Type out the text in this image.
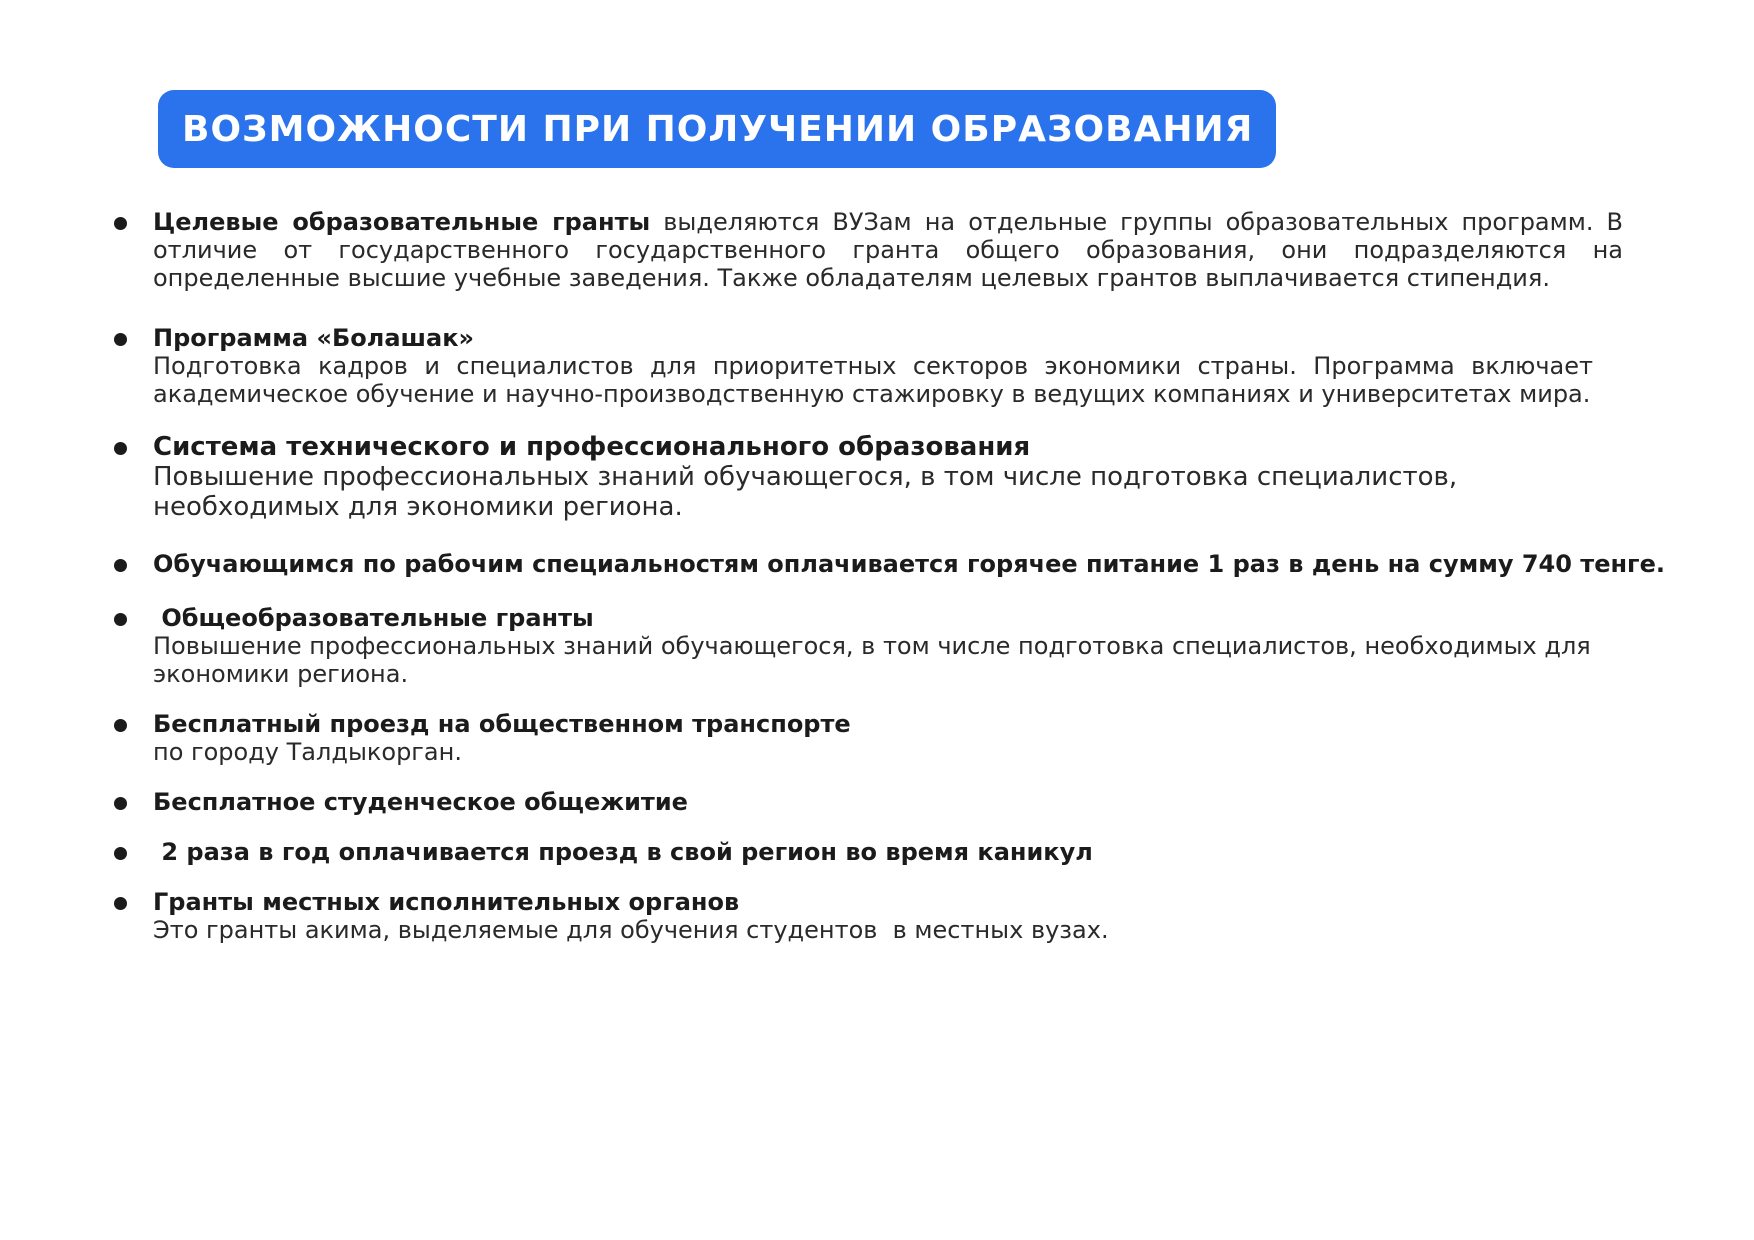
ВОЗМОЖНОСТИ ПРИ ПОЛУЧЕНИИ ОБРАЗОВАНИЯ
Целевые образовательные гранты выделяются ВУЗам на отдельные группы образовательных программ. В отличие от государственного государственного гранта общего образования, они подразделяются на определенные высшие учебные заведения. Также обладателям целевых грантов выплачивается стипендия.
Программа «Болашак»
Подготовка кадров и специалистов для приоритетных секторов экономики страны. Программа включает академическое обучение и научно-производственную стажировку в ведущих компаниях и университетах мира.
Система технического и профессионального образования
Повышение профессиональных знаний обучающегося, в том числе подготовка специалистов, необходимых для экономики региона.
Обучающимся по рабочим специальностям оплачивается горячее питание 1 раз в день на сумму 740 тенге.
Общеобразовательные гранты
Повышение профессиональных знаний обучающегося, в том числе подготовка специалистов, необходимых для экономики региона.
Бесплатный проезд на общественном транспорте
по городу Талдыкорган.
Бесплатное студенческое общежитие
2 раза в год оплачивается проезд в свой регион во время каникул
Гранты местных исполнительных органов
Это гранты акима, выделяемые для обучения студентов  в местных вузах.
